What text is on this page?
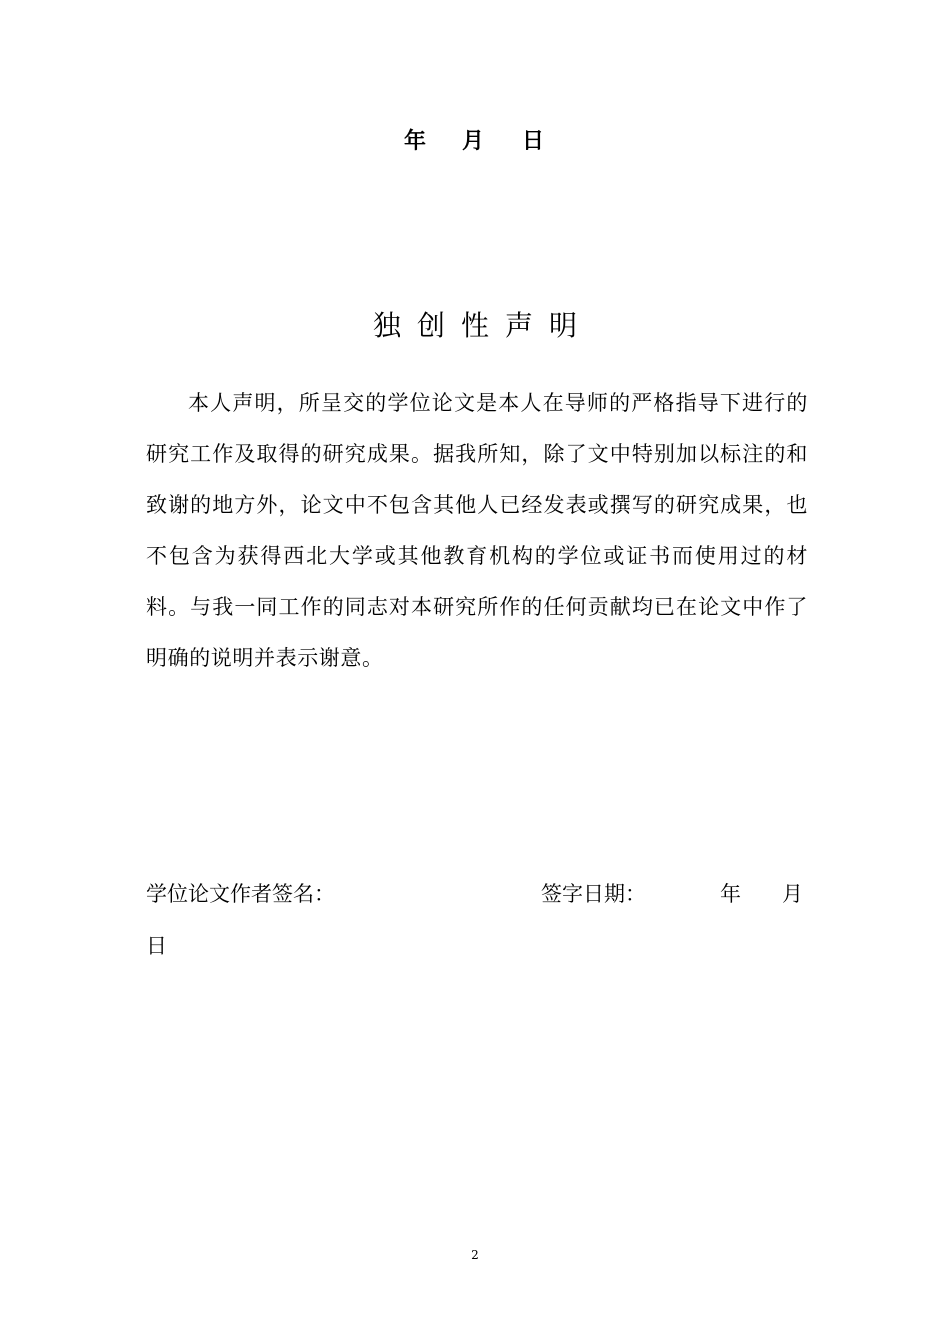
年 月 日
独创性声明

本人声明，所呈交的学位论文是本人在导师的严格指导下进行的研究工作及取得的研究成果。据我所知，除了文中特别加以标注的和致谢的地方外，论文中不包含其他人已经发表或撰写的研究成果，也不包含为获得西北大学或其他教育机构的学位或证书而使用过的材料。与我一同工作的同志对本研究所作的任何贡献均已在论文中作了明确的说明并表示谢意。

学位论文作者签名：	签字日期：	年 月
日
2
